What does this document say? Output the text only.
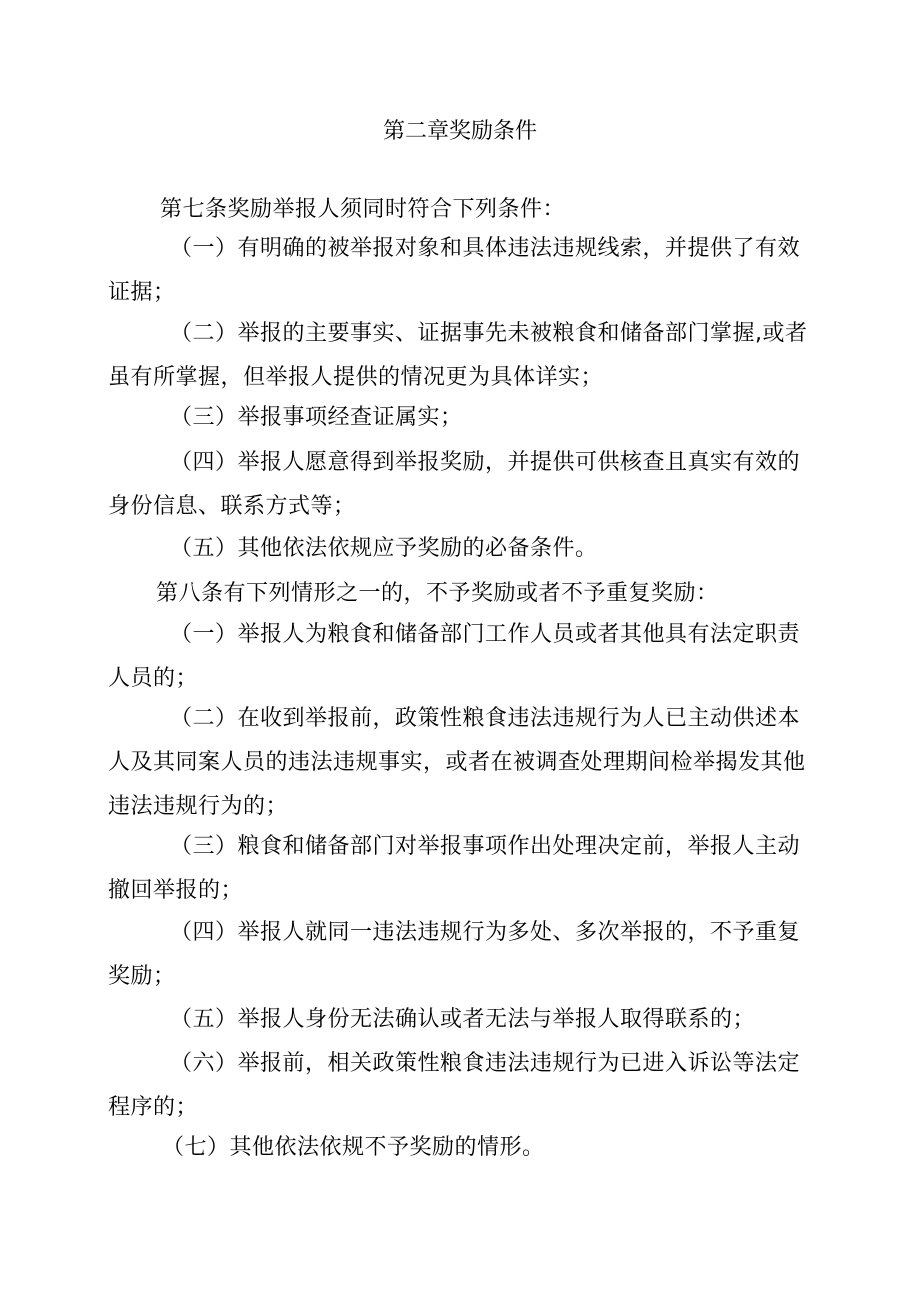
第二章奖励条件
第七条奖励举报人须同时符合下列条件：
（一）有明确的被举报对象和具体违法违规线索，并提供了有效
证据；
（二）举报的主要事实、证据事先未被粮食和储备部门掌握,或者
虽有所掌握，但举报人提供的情况更为具体详实；
（三）举报事项经查证属实；
（四）举报人愿意得到举报奖励，并提供可供核查且真实有效的
身份信息、联系方式等；
（五）其他依法依规应予奖励的必备条件。
第八条有下列情形之一的，不予奖励或者不予重复奖励：
（一）举报人为粮食和储备部门工作人员或者其他具有法定职责
人员的；
（二）在收到举报前，政策性粮食违法违规行为人已主动供述本
人及其同案人员的违法违规事实，或者在被调查处理期间检举揭发其他
违法违规行为的；
（三）粮食和储备部门对举报事项作出处理决定前，举报人主动
撤回举报的；
（四）举报人就同一违法违规行为多处、多次举报的，不予重复
奖励；
（五）举报人身份无法确认或者无法与举报人取得联系的；
（六）举报前，相关政策性粮食违法违规行为已进入诉讼等法定
程序的；
（七）其他依法依规不予奖励的情形。
